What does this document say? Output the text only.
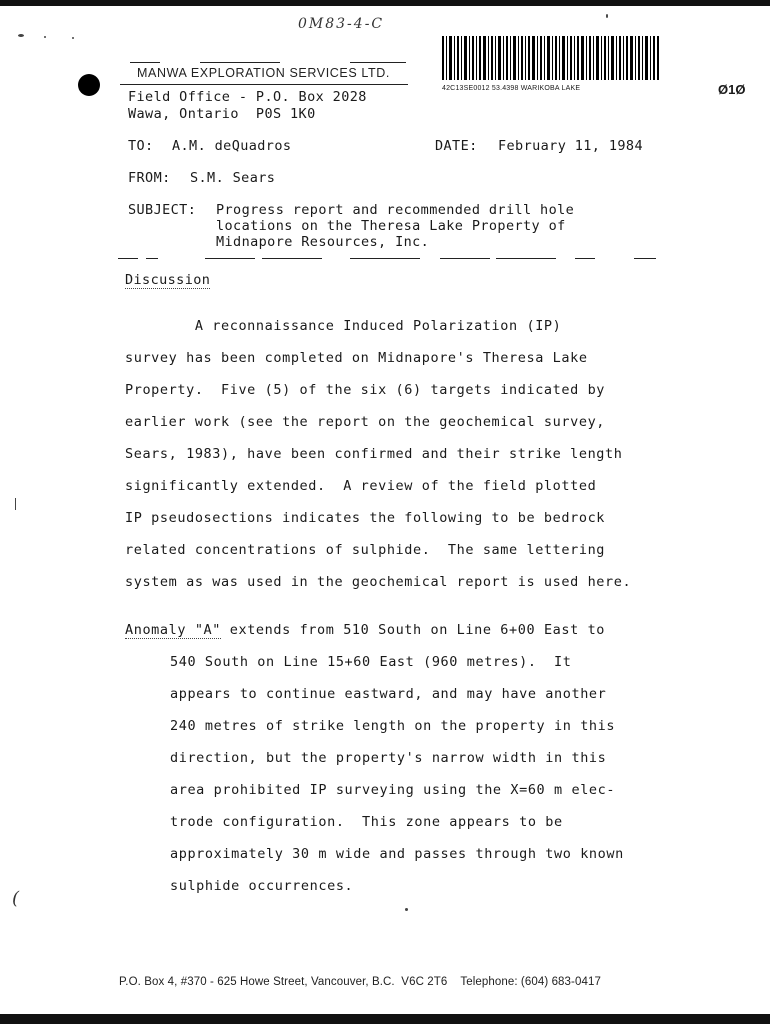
0M83-4-C
MANWA EXPLORATION SERVICES LTD.
Field Office - P.O. Box 2028
Wawa, Ontario  P0S 1K0
42C13SE0012 53.4398 WARIKOBA LAKE	Ø1Ø
TO: A.M. deQuadros	DATE: February 11, 1984
FROM: S.M. Sears
SUBJECT: Progress report and recommended drill hole
locations on the Theresa Lake Property of
Midnapore Resources, Inc.
Discussion
A reconnaissance Induced Polarization (IP)
survey has been completed on Midnapore's Theresa Lake
Property.  Five (5) of the six (6) targets indicated by
earlier work (see the report on the geochemical survey,
Sears, 1983), have been confirmed and their strike length
significantly extended.  A review of the field plotted
IP pseudosections indicates the following to be bedrock
related concentrations of sulphide.  The same lettering
system as was used in the geochemical report is used here.
Anomaly "A" extends from 510 South on Line 6+00 East to
540 South on Line 15+60 East (960 metres).  It
appears to continue eastward, and may have another
240 metres of strike length on the property in this
direction, but the property's narrow width in this
area prohibited IP surveying using the X=60 m elec-
trode configuration.  This zone appears to be
approximately 30 m wide and passes through two known
sulphide occurrences.
(
P.O. Box 4, #370 - 625 Howe Street, Vancouver, B.C.  V6C 2T6    Telephone: (604) 683-0417
